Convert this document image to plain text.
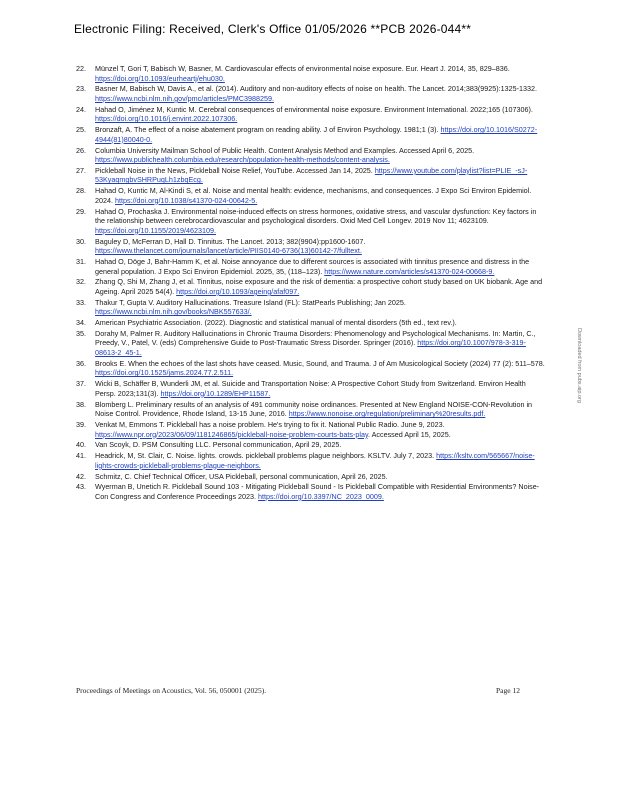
Electronic Filing: Received, Clerk's Office 01/05/2026 **PCB 2026-044**
22. Münzel T, Gori T, Babisch W, Basner, M. Cardiovascular effects of environmental noise exposure. Eur. Heart J. 2014, 35, 829–836. https://doi.org/10.1093/eurheartj/ehu030.
23. Basner M, Babisch W, Davis A., et al. (2014). Auditory and non-auditory effects of noise on health. The Lancet. 2014;383(9925):1325-1332. https://www.ncbi.nlm.nih.gov/pmc/articles/PMC3988259.
24. Hahad O, Jiménez M, Kuntic M. Cerebral consequences of environmental noise exposure. Environment International. 2022;165 (107306). https://doi.org/10.1016/j.envint.2022.107306.
25. Bronzaft, A. The effect of a noise abatement program on reading ability. J of Environ Psychology. 1981;1 (3). https://doi.org/10.1016/S0272-4944(81)80040-0.
26. Columbia University Mailman School of Public Health. Content Analysis Method and Examples. Accessed April 6, 2025. https://www.publichealth.columbia.edu/research/population-health-methods/content-analysis.
27. Pickleball Noise in the News, Pickleball Noise Relief, YouTube. Accessed Jan 14, 2025. https://www.youtube.com/playlist?list=PLIE_-sJ-53KyaqmgbvSHRPuqLh1zbqEcg.
28. Hahad O, Kuntic M, Al-Kindi S, et al. Noise and mental health: evidence, mechanisms, and consequences. J Expo Sci Environ Epidemiol. 2024. https://doi.org/10.1038/s41370-024-00642-5.
29. Hahad O, Prochaska J. Environmental noise-induced effects on stress hormones, oxidative stress, and vascular dysfunction: Key factors in the relationship between cerebrocardiovascular and psychological disorders. Oxid Med Cell Longev. 2019 Nov 11; 4623109. https://doi.org/10.1155/2019/4623109.
30. Baguley D, McFerran D, Hall D. Tinnitus. The Lancet. 2013; 382(9904):pp1600-1607. https://www.thelancet.com/journals/lancet/article/PIIS0140-6736(13)60142-7/fulltext.
31. Hahad O, Döge J, Bahr-Hamm K, et al. Noise annoyance due to different sources is associated with tinnitus presence and distress in the general population. J Expo Sci Environ Epidemiol. 2025, 35, (118–123). https://www.nature.com/articles/s41370-024-00668-9.
32. Zhang Q, Shi M, Zhang J, et al. Tinnitus, noise exposure and the risk of dementia: a prospective cohort study based on UK biobank. Age and Ageing. April 2025 54(4). https://doi.org/10.1093/ageing/afaf097.
33. Thakur T, Gupta V. Auditory Hallucinations. Treasure Island (FL): StatPearls Publishing; Jan 2025. https://www.ncbi.nlm.nih.gov/books/NBK557633/.
34. American Psychiatric Association. (2022). Diagnostic and statistical manual of mental disorders (5th ed., text rev.).
35. Dorahy M, Palmer R. Auditory Hallucinations in Chronic Trauma Disorders: Phenomenology and Psychological Mechanisms. In: Martin, C., Preedy, V., Patel, V. (eds) Comprehensive Guide to Post-Traumatic Stress Disorder. Springer (2016). https://doi.org/10.1007/978-3-319-08613-2_45-1.
36. Brooks E. When the echoes of the last shots have ceased. Music, Sound, and Trauma. J of Am Musicological Society (2024) 77 (2): 511–578. https://doi.org/10.1525/jams.2024.77.2.511.
37. Wicki B, Schäffer B, Wunderli JM, et al. Suicide and Transportation Noise: A Prospective Cohort Study from Switzerland. Environ Health Persp. 2023;131(3). https://doi.org/10.1289/EHP11587.
38. Blomberg L. Preliminary results of an analysis of 491 community noise ordinances. Presented at New England NOISE-CON-Revolution in Noise Control. Providence, Rhode Island, 13-15 June, 2016. https://www.nonoise.org/regulation/preliminary%20results.pdf.
39. Venkat M, Emmons T. Pickleball has a noise problem. He's trying to fix it. National Public Radio. June 9, 2023. https://www.npr.org/2023/06/09/1181246865/pickleball-noise-problem-courts-bats-play. Accessed April 15, 2025.
40. Van Scoyk, D. PSM Consulting LLC. Personal communication, April 29, 2025.
41. Headrick, M, St. Clair, C. Noise. lights. crowds. pickleball problems plague neighbors. KSLTV. July 7, 2023. https://ksltv.com/565667/noise-lights-crowds-pickleball-problems-plague-neighbors.
42. Schmitz, C. Chief Technical Officer, USA Pickleball, personal communication, April 26, 2025.
43. Wyerman B, Unetich R. Pickleball Sound 103 - Mitigating Pickleball Sound - Is Pickleball Compatible with Residential Environments? Noise-Con Congress and Conference Proceedings 2023. https://doi.org/10.3397/NC_2023_0009.
Downloaded from pubs.aip.org
Proceedings of Meetings on Acoustics, Vol. 56, 050001 (2025).	Page 12
